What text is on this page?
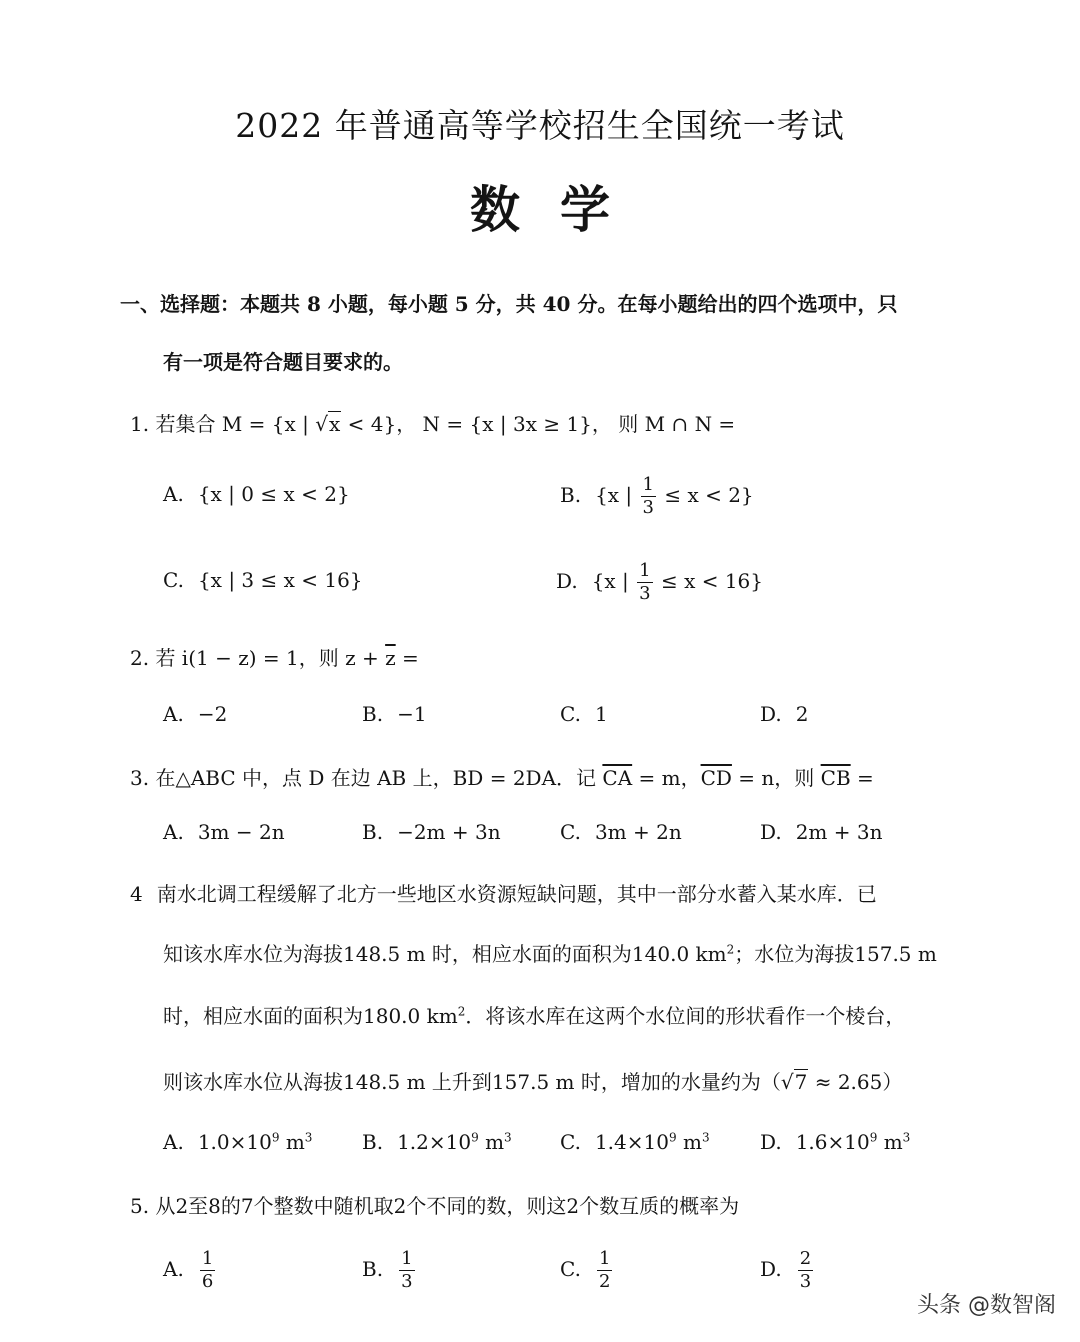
2022 年普通高等学校招生全国统一考试
数学
一、选择题：本题共 8 小题，每小题 5 分，共 40 分。在每小题给出的四个选项中，只
有一项是符合题目要求的。
1. 若集合 M = {x | √x < 4}， N = {x | 3x ≥ 1}， 则 M ∩ N =
A. {x | 0 ≤ x < 2}	B. {x | $\frac{1}{3} \le x < 2$}
C. {x | 3 ≤ x < 16}	D. {x | $\frac{1}{3} \le x < 16$}
2. 若 i(1 − z) = 1，则 $z + \overline{z}$ =
A. −2	B. −1	C. 1	D. 2
3. 在△ABC 中，点 D 在边 AB 上，BD = 2DA．记 $\overline{CA} = m$，$\overline{CD} = n$，则 $\overline{CB}$ =
A. 3m − 2n	B. −2m + 3n	C. 3m + 2n	D. 2m + 3n
4 南水北调工程缓解了北方一些地区水资源短缺问题，其中一部分水蓄入某水库．已
知该水库水位为海拔148.5 m 时，相应水面的面积为140.0 $km^2$；水位为海拔157.5 m
时，相应水面的面积为180.0 $km^2$．将该水库在这两个水位间的形状看作一个棱台，
则该水库水位从海拔148.5 m 上升到157.5 m 时，增加的水量约为（√7 ≈ 2.65）
A. $1.0\times 10^9$ $m^3$ B. $1.2\times 10^9$ $m^3$ C. $1.4\times 10^9$ $m^3$	D. $1.6\times 10^9$ $m^3$
5. 从2至8的7个整数中随机取2个不同的数，则这2个数互质的概率为
A. $\frac{1}{6}$	B. $\frac{1}{3}$	C. $\frac{1}{2}$	D. $\frac{2}{3}$
头条 @数智阁
